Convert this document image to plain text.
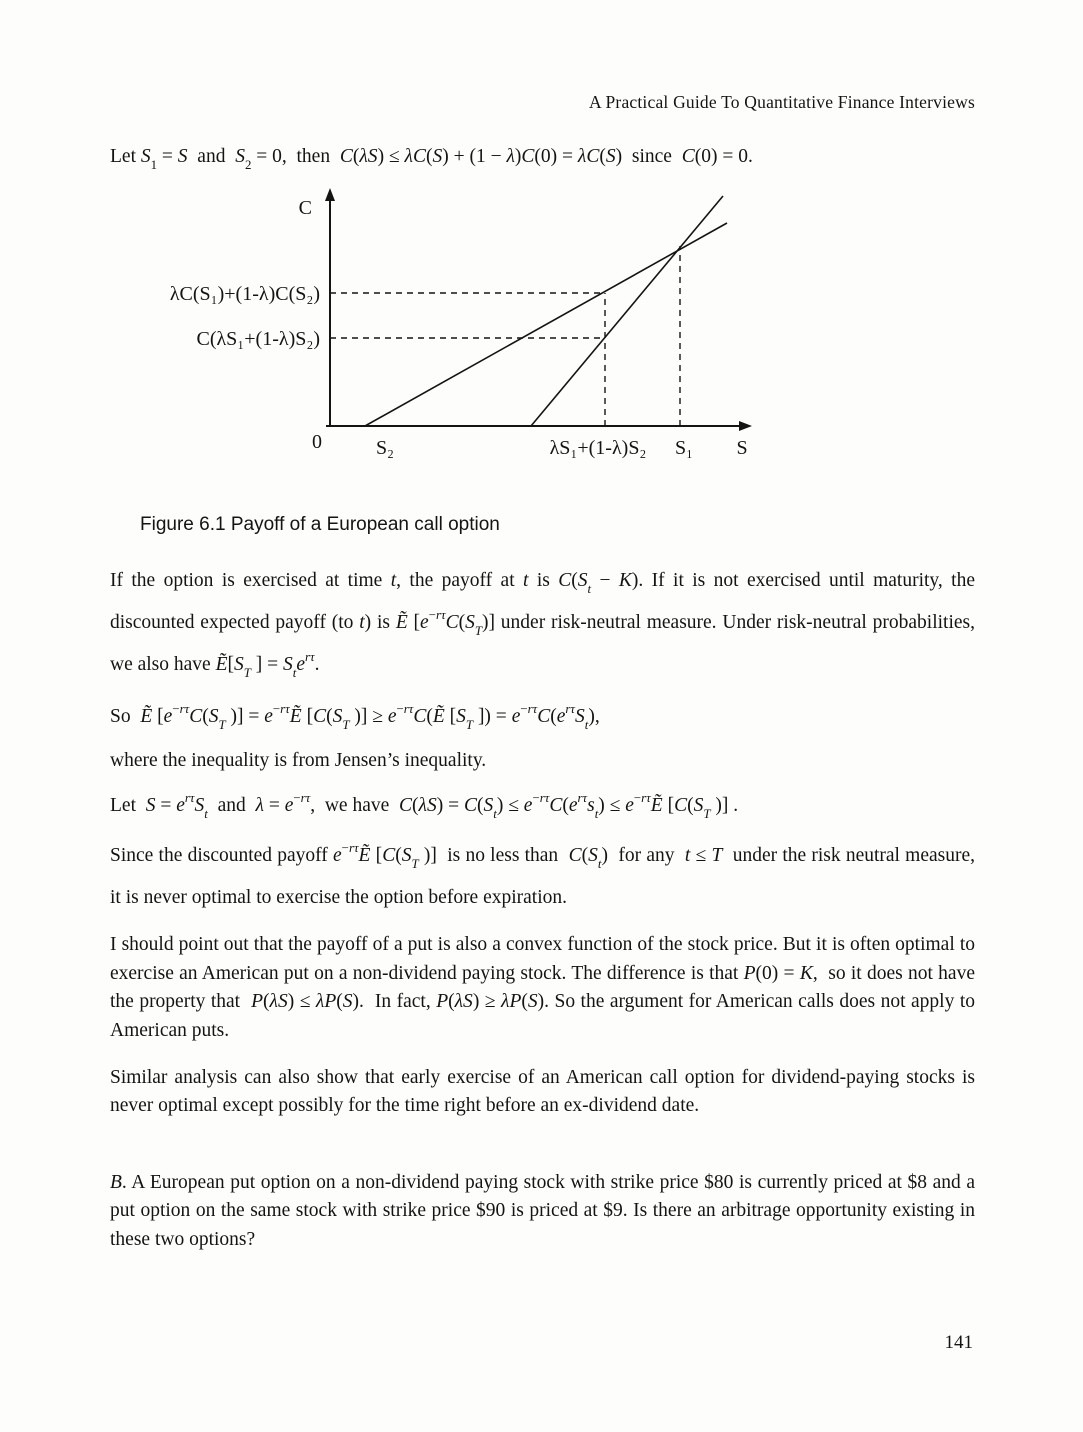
A Practical Guide To Quantitative Finance Interviews

Let $S_1 = S$  and  $S_2 = 0$,  then  C(λS) ≤ λC(S) + (1 − λ)C(0) = λC(S)  since  C(0) = 0.

C
0
λC(S₁)+(1-λ)C(S₂)
C(λS₁+(1-λ)S₂)
S₂	λS₁+(1-λ)S₂ S₁ S

Figure 6.1 Payoff of a European call option

If the option is exercised at time t, the payoff at t is $C(S_t - K)$. If it is not exercised until maturity, the discounted expected payoff (to t) is Ẽ $[e^{-r\tau}C(S_T)]$ under risk-neutral measure. Under risk-neutral probabilities, we also have $Ẽ[S_T$ ] = $S_te^{r\tau}$.

So  Ẽ [$e^{-r\tau}C(S_T$ )] = $e^{-r\tau}Ẽ$ [$C(S_T$ )] ≥ $e^{-r\tau}C(Ẽ$ [$S_T$ ]) = $e^{-r\tau}C(e^{r\tau}S_t)$,

where the inequality is from Jensen’s inequality.

Let  $S = e^{r\tau}S_t$  and  $\lambda = e^{-r\tau}$,  we have  $C(\lambda S) = C(S_t) \le e^{-r\tau}C(e^{r\tau}s_t)$ ≤ $e^{-r\tau}Ẽ$ [$C(S_T$ )] .

Since the discounted payoff $e^{-r\tau}Ẽ$ [$C(S_T$ )]  is no less than  $C(S_t)$  for any  t ≤ T  under the risk neutral measure, it is never optimal to exercise the option before expiration.

I should point out that the payoff of a put is also a convex function of the stock price. But it is often optimal to exercise an American put on a non-dividend paying stock. The difference is that P(0) = K,  so it does not have the property that  P(λS) ≤ λP(S).  In fact, P(λS) ≥ λP(S). So the argument for American calls does not apply to American puts.

Similar analysis can also show that early exercise of an American call option for dividend-paying stocks is never optimal except possibly for the time right before an ex-dividend date.

B. A European put option on a non-dividend paying stock with strike price $80 is currently priced at $8 and a put option on the same stock with strike price $90 is priced at $9. Is there an arbitrage opportunity existing in these two options?

141
